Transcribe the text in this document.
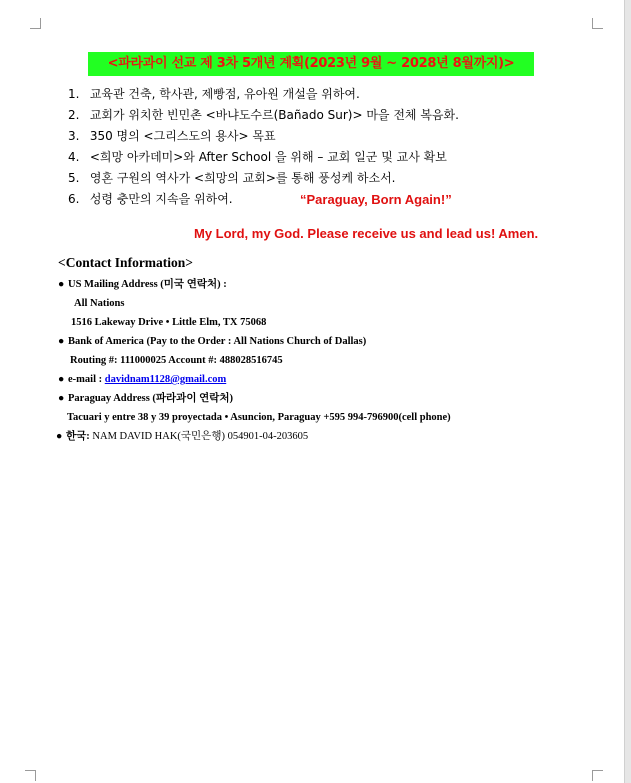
<파라과이 선교 제 3차 5개년 계획(2023년 9월 ~ 2028년 8월까지)>
1. 교육관 건축, 학사관, 제빵점, 유아원 개설을 위하여.
2. 교회가 위치한 빈민촌 <바냐도수르(Bañado Sur)> 마을 전체 복음화.
3. 350 명의 <그리스도의 용사> 목표
4. <희망 아카데미>와 After School 을 위해 – 교회 일군 및 교사 확보
5. 영혼 구원의 역사가 <희망의 교회>를 통해 풍성케 하소서.
6. 성령 충만의 지속을 위하여.	“Paraguay, Born Again!”
My Lord, my God. Please receive us and lead us! Amen.
<Contact Information>
● US Mailing Address (미국 연락처) :
All Nations
1516 Lakeway Drive • Little Elm, TX 75068
● Bank of America (Pay to the Order : All Nations Church of Dallas)
Routing #: 111000025 Account #: 488028516745
● e-mail : davidnam1128@gmail.com
● Paraguay Address (파라과이 연락처)
Tacuari y entre 38 y 39 proyectada • Asuncion, Paraguay +595 994-796900(cell phone)
● 한국: NAM DAVID HAK(국민은행) 054901-04-203605
